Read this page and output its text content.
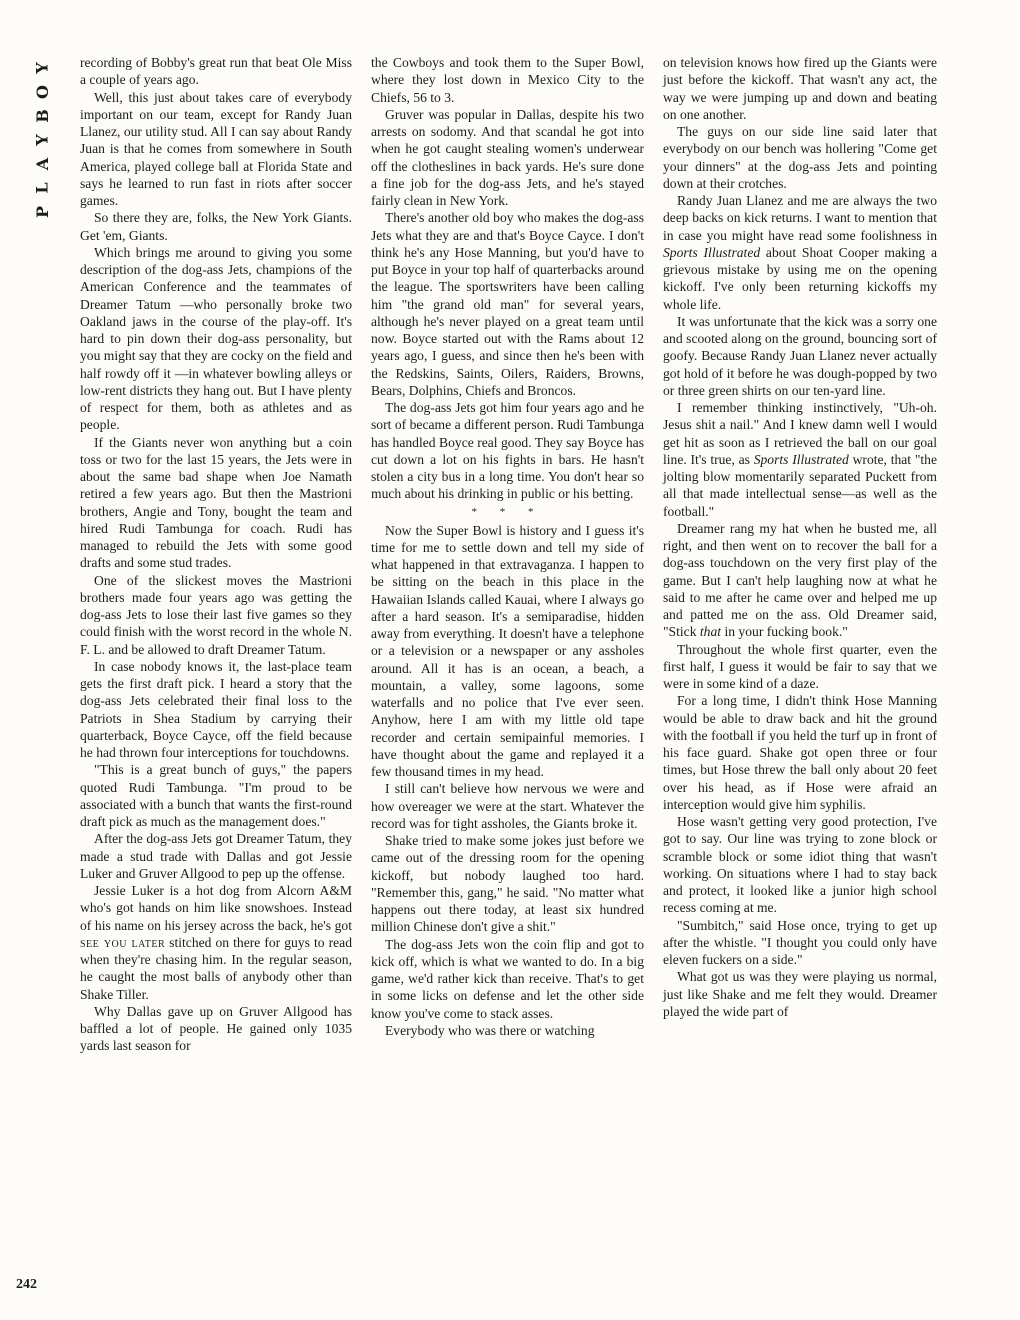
Y
O
B
Y
A
L
P
242

recording of Bobby's great run that beat Ole Miss a couple of years ago.

Well, this just about takes care of everybody important on our team, except for Randy Juan Llanez, our utility stud. All I can say about Randy Juan is that he comes from somewhere in South America, played college ball at Florida State and says he learned to run fast in riots after soccer games.

So there they are, folks, the New York Giants. Get 'em, Giants.

Which brings me around to giving you some description of the dog-ass Jets, champions of the American Conference and the teammates of Dreamer Tatum —who personally broke two Oakland jaws in the course of the play-off. It's hard to pin down their dog-ass personality, but you might say that they are cocky on the field and half rowdy off it —in whatever bowling alleys or low-rent districts they hang out. But I have plenty of respect for them, both as athletes and as people.

If the Giants never won anything but a coin toss or two for the last 15 years, the Jets were in about the same bad shape when Joe Namath retired a few years ago. But then the Mastrioni brothers, Angie and Tony, bought the team and hired Rudi Tambunga for coach. Rudi has managed to rebuild the Jets with some good drafts and some stud trades.

One of the slickest moves the Mastrioni brothers made four years ago was getting the dog-ass Jets to lose their last five games so they could finish with the worst record in the whole N. F. L. and be allowed to draft Dreamer Tatum.

In case nobody knows it, the last-place team gets the first draft pick. I heard a story that the dog-ass Jets celebrated their final loss to the Patriots in Shea Stadium by carrying their quarterback, Boyce Cayce, off the field because he had thrown four interceptions for touchdowns.

"This is a great bunch of guys," the papers quoted Rudi Tambunga. "I'm proud to be associated with a bunch that wants the first-round draft pick as much as the management does."

After the dog-ass Jets got Dreamer Tatum, they made a stud trade with Dallas and got Jessie Luker and Gruver Allgood to pep up the offense.

Jessie Luker is a hot dog from Alcorn A&M who's got hands on him like snowshoes. Instead of his name on his jersey across the back, he's got see you later stitched on there for guys to read when they're chasing him. In the regular season, he caught the most balls of anybody other than Shake Tiller.

Why Dallas gave up on Gruver Allgood has baffled a lot of people. He gained only 1035 yards last season for

the Cowboys and took them to the Super Bowl, where they lost down in Mexico City to the Chiefs, 56 to 3.

Gruver was popular in Dallas, despite his two arrests on sodomy. And that scandal he got into when he got caught stealing women's underwear off the clotheslines in back yards. He's sure done a fine job for the dog-ass Jets, and he's stayed fairly clean in New York.

There's another old boy who makes the dog-ass Jets what they are and that's Boyce Cayce. I don't think he's any Hose Manning, but you'd have to put Boyce in your top half of quarterbacks around the league. The sportswriters have been calling him "the grand old man" for several years, although he's never played on a great team until now. Boyce started out with the Rams about 12 years ago, I guess, and since then he's been with the Redskins, Saints, Oilers, Raiders, Browns, Bears, Dolphins, Chiefs and Broncos.

The dog-ass Jets got him four years ago and he sort of became a different person. Rudi Tambunga has handled Boyce real good. They say Boyce has cut down a lot on his fights in bars. He hasn't stolen a city bus in a long time. You don't hear so much about his drinking in public or his betting.

* * *

Now the Super Bowl is history and I guess it's time for me to settle down and tell my side of what happened in that extravaganza. I happen to be sitting on the beach in this place in the Hawaiian Islands called Kauai, where I always go after a hard season. It's a semiparadise, hidden away from everything. It doesn't have a telephone or a television or a newspaper or any assholes around. All it has is an ocean, a beach, a mountain, a valley, some lagoons, some waterfalls and no police that I've ever seen. Anyhow, here I am with my little old tape recorder and certain semipainful memories. I have thought about the game and replayed it a few thousand times in my head.

I still can't believe how nervous we were and how overeager we were at the start. Whatever the record was for tight assholes, the Giants broke it.

Shake tried to make some jokes just before we came out of the dressing room for the opening kickoff, but nobody laughed too hard. "Remember this, gang," he said. "No matter what happens out there today, at least six hundred million Chinese don't give a shit."

The dog-ass Jets won the coin flip and got to kick off, which is what we wanted to do. In a big game, we'd rather kick than receive. That's to get in some licks on defense and let the other side know you've come to stack asses.

Everybody who was there or watching

on television knows how fired up the Giants were just before the kickoff. That wasn't any act, the way we were jumping up and down and beating on one another.

The guys on our side line said later that everybody on our bench was hollering "Come get your dinners" at the dog-ass Jets and pointing down at their crotches.

Randy Juan Llanez and me are always the two deep backs on kick returns. I want to mention that in case you might have read some foolishness in Sports Illustrated about Shoat Cooper making a grievous mistake by using me on the opening kickoff. I've only been returning kickoffs my whole life.

It was unfortunate that the kick was a sorry one and scooted along on the ground, bouncing sort of goofy. Because Randy Juan Llanez never actually got hold of it before he was dough-popped by two or three green shirts on our ten-yard line.

I remember thinking instinctively, "Uh-oh. Jesus shit a nail." And I knew damn well I would get hit as soon as I retrieved the ball on our goal line. It's true, as Sports Illustrated wrote, that "the jolting blow momentarily separated Puckett from all that made intellectual sense—as well as the football."

Dreamer rang my hat when he busted me, all right, and then went on to recover the ball for a dog-ass touchdown on the very first play of the game. But I can't help laughing now at what he said to me after he came over and helped me up and patted me on the ass. Old Dreamer said, "Stick that in your fucking book."

Throughout the whole first quarter, even the first half, I guess it would be fair to say that we were in some kind of a daze.

For a long time, I didn't think Hose Manning would be able to draw back and hit the ground with the football if you held the turf up in front of his face guard. Shake got open three or four times, but Hose threw the ball only about 20 feet over his head, as if Hose were afraid an interception would give him syphilis.

Hose wasn't getting very good protection, I've got to say. Our line was trying to zone block or scramble block or some idiot thing that wasn't working. On situations where I had to stay back and protect, it looked like a junior high school recess coming at me.

"Sumbitch," said Hose once, trying to get up after the whistle. "I thought you could only have eleven fuckers on a side."

What got us was they were playing us normal, just like Shake and me felt they would. Dreamer played the wide part of
